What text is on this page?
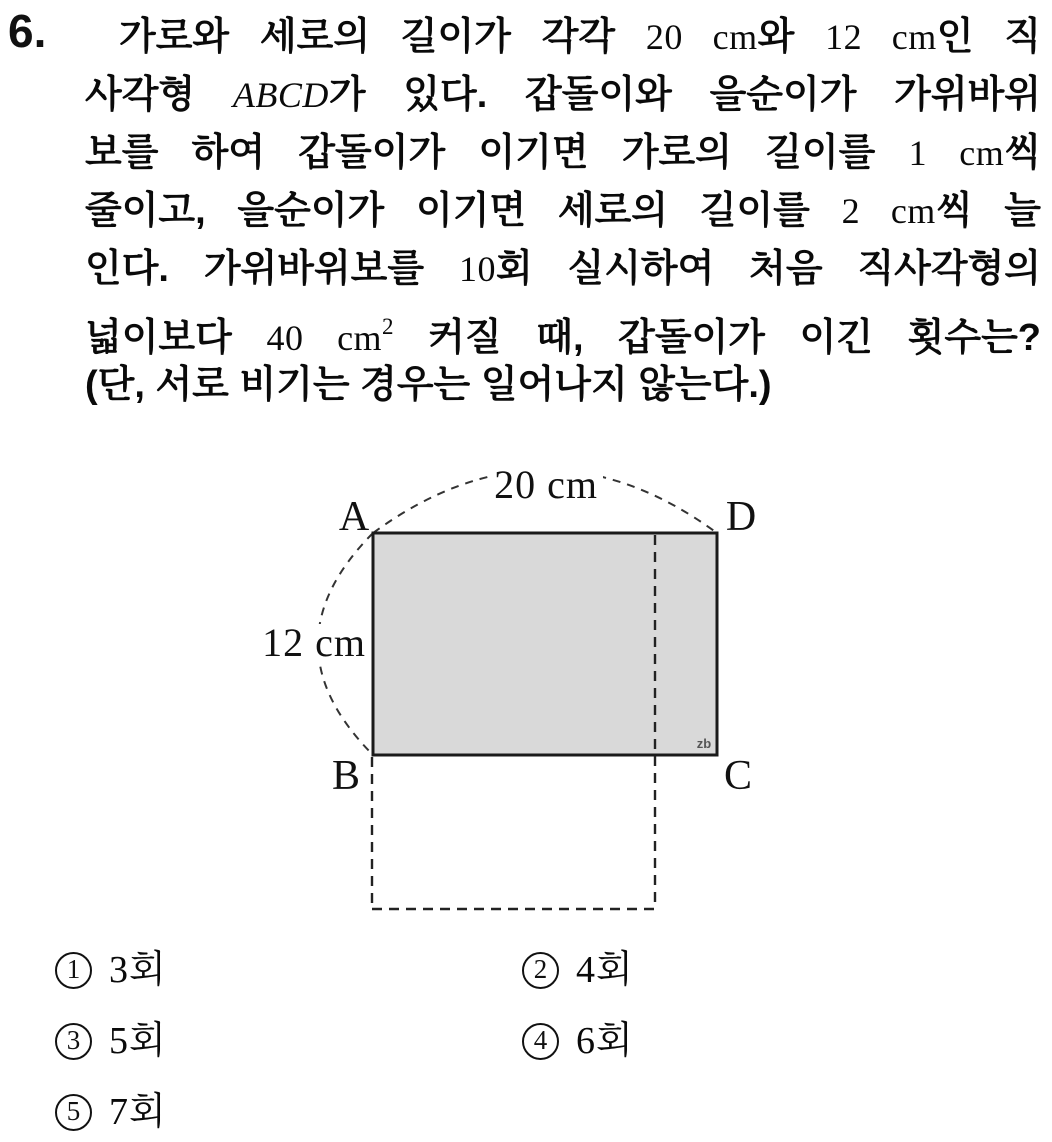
6.	가로와 세로의 길이가 각각 20 cm와 12 cm인 직
사각형 ABCD가 있다. 갑돌이와 을순이가 가위바위
보를 하여 갑돌이가 이기면 가로의 길이를 1 cm씩
줄이고, 을순이가 이기면 세로의 길이를 2 cm씩 늘
인다. 가위바위보를 10회 실시하여 처음 직사각형의
넓이보다 40 $cm^2$ 커질 때, 갑돌이가 이긴 횟수는?
(단, 서로 비기는 경우는 일어나지 않는다.)
20 cm
12 cm
A	D
B	C
zb
1 3회	2 4회
3 5회	4 6회
5 7회
